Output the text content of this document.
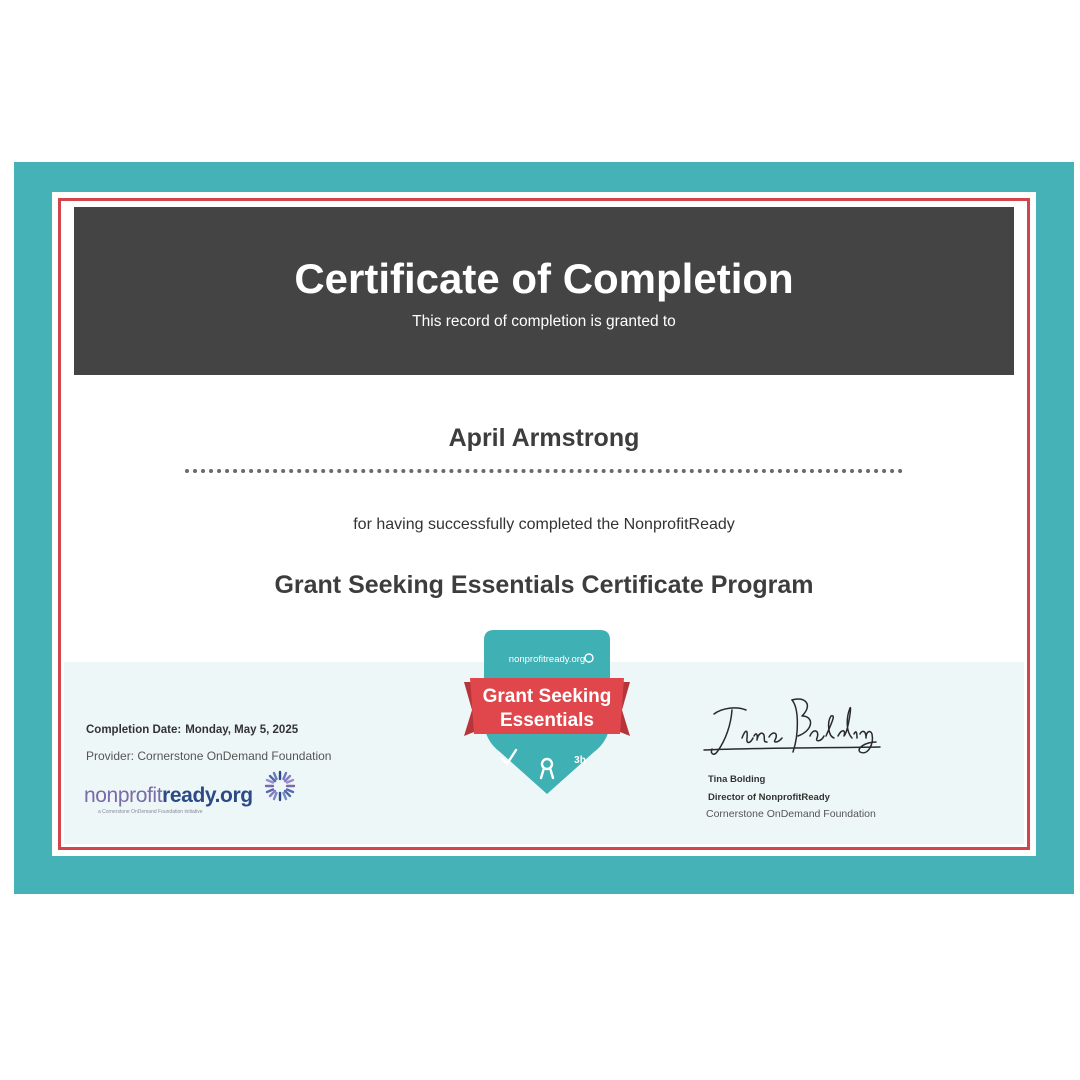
Certificate of Completion
This record of completion is granted to
April Armstrong
for having successfully completed the NonprofitReady
Grant Seeking Essentials Certificate Program
Completion Date: Monday, May 5, 2025
Provider: Cornerstone OnDemand Foundation
nonprofitready.org
a Cornerstone OnDemand Foundation initiative
nonprofitready.org
Grant Seeking
Essentials
3h
Tina Bolding
Director of NonprofitReady
Cornerstone OnDemand Foundation
